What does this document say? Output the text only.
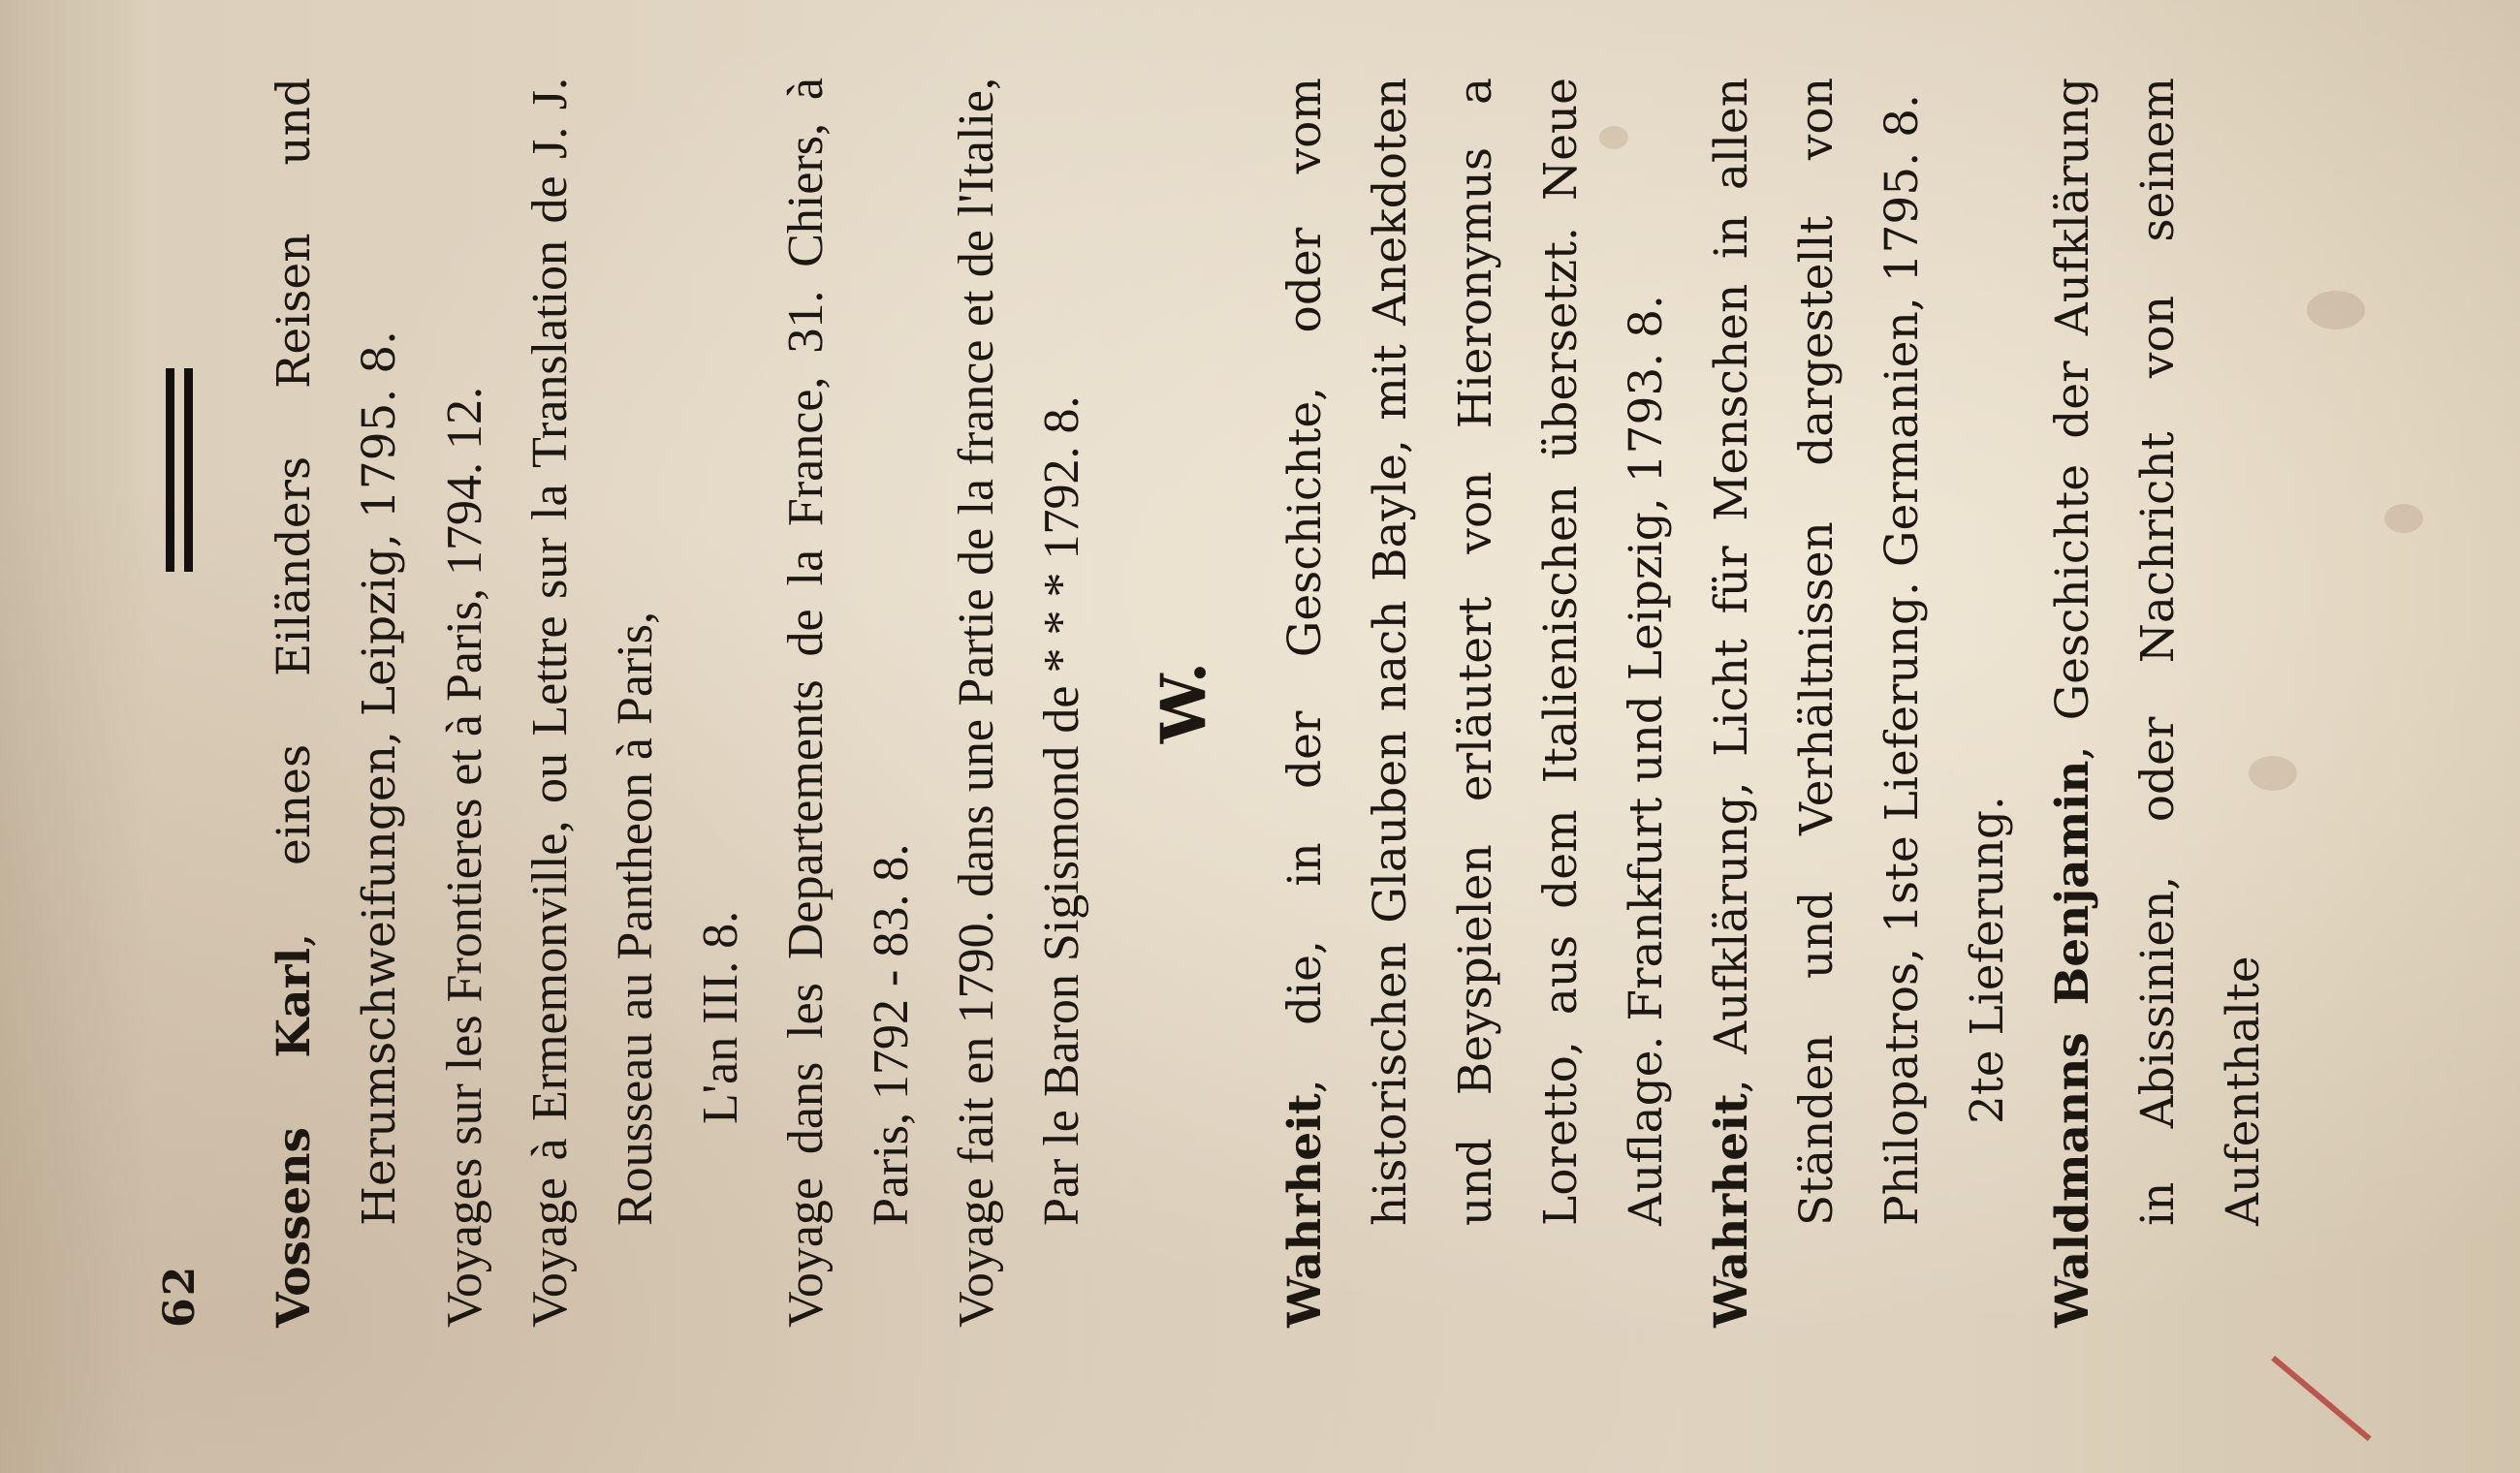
62	Vossens Karl, eines Eiländers Reisen und Herumschweifungen, Leipzig, 1795. 8. Voyages sur les Frontieres et à Paris, 1794. 12.

Voyage à Ermemonville, ou Lettre sur la Translation de J. J. Rousseau au Pantheon à Paris, L'an III. 8. Voyage dans les Departements de la France, 31. Chiers, à Paris, 1792 - 83. 8. Voyage fait en 1790. dans une Partie de la france et de l'Italie, Par le Baron Sigismond de * * * 1792. 8. W.

Wahrheit, die, in der Geschichte, oder vom historischen Glauben nach Bayle, mit Anekdoten und Beyspielen erläutert von Hieronymus a Loretto, aus dem Italienischen übersetzt. Neue Auflage. Frankfurt und Leipzig, 1793. 8. Wahrheit, Aufklärung, Licht für Menschen in allen Ständen und Verhältnissen dargestellt von Philopatros, 1ste Lieferung. Germanien, 1795. 8. 2te Lieferung. Waldmanns Benjamin, Geschichte der Aufklärung in Abissinien, oder Nachricht von seinem Aufenthalte
